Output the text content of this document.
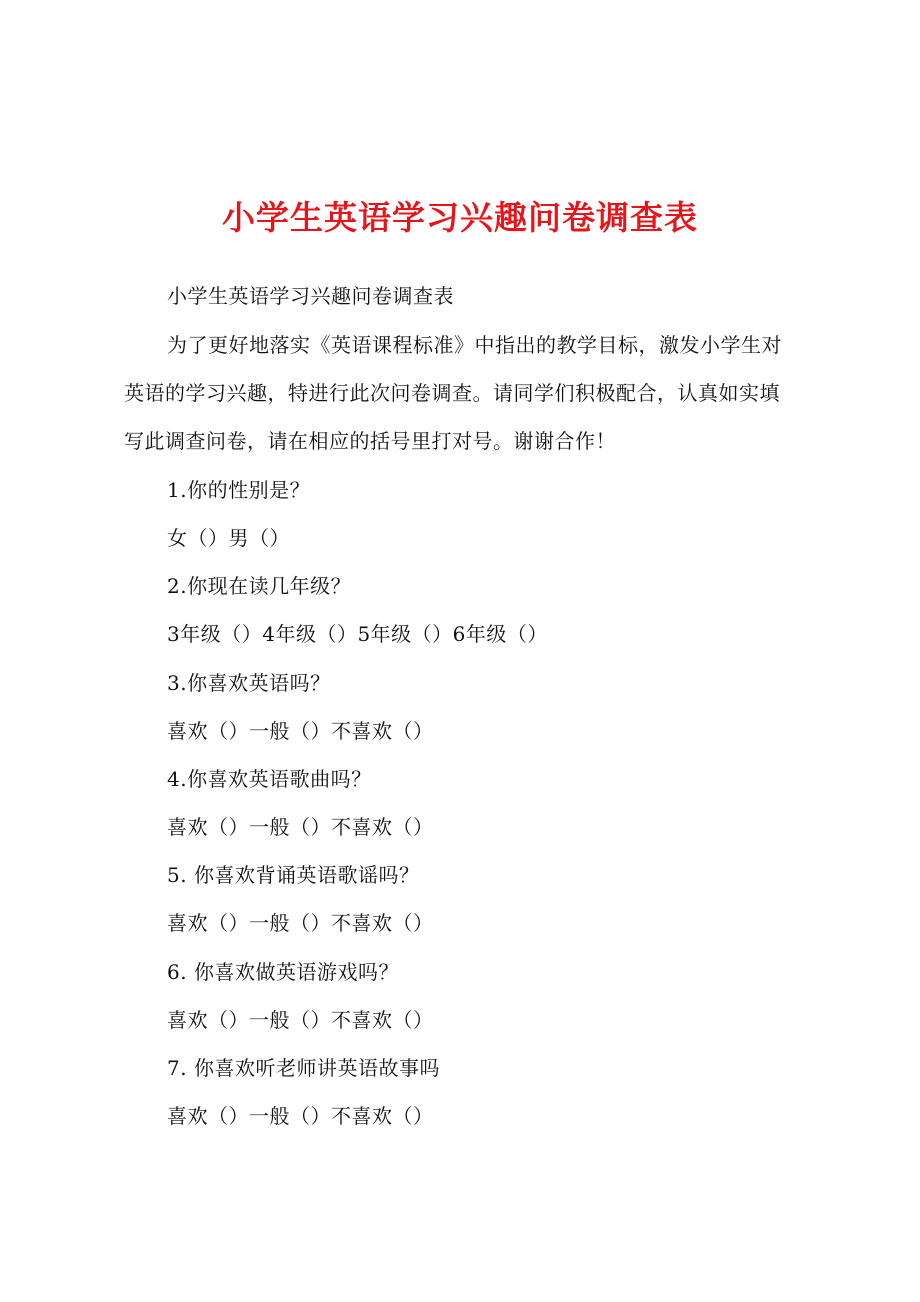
小学生英语学习兴趣问卷调查表
小学生英语学习兴趣问卷调查表
为了更好地落实《英语课程标准》中指出的教学目标，激发小学生对
英语的学习兴趣，特进行此次问卷调查。请同学们积极配合，认真如实填
写此调查问卷，请在相应的括号里打对号。谢谢合作！
1.你的性别是？
女（）男（）
2.你现在读几年级？
3年级（）4年级（）5年级（）6年级（）
3.你喜欢英语吗？
喜欢（）一般（）不喜欢（）
4.你喜欢英语歌曲吗？
喜欢（）一般（）不喜欢（）
5. 你喜欢背诵英语歌谣吗？
喜欢（）一般（）不喜欢（）
6. 你喜欢做英语游戏吗？
喜欢（）一般（）不喜欢（）
7. 你喜欢听老师讲英语故事吗
喜欢（）一般（）不喜欢（）
